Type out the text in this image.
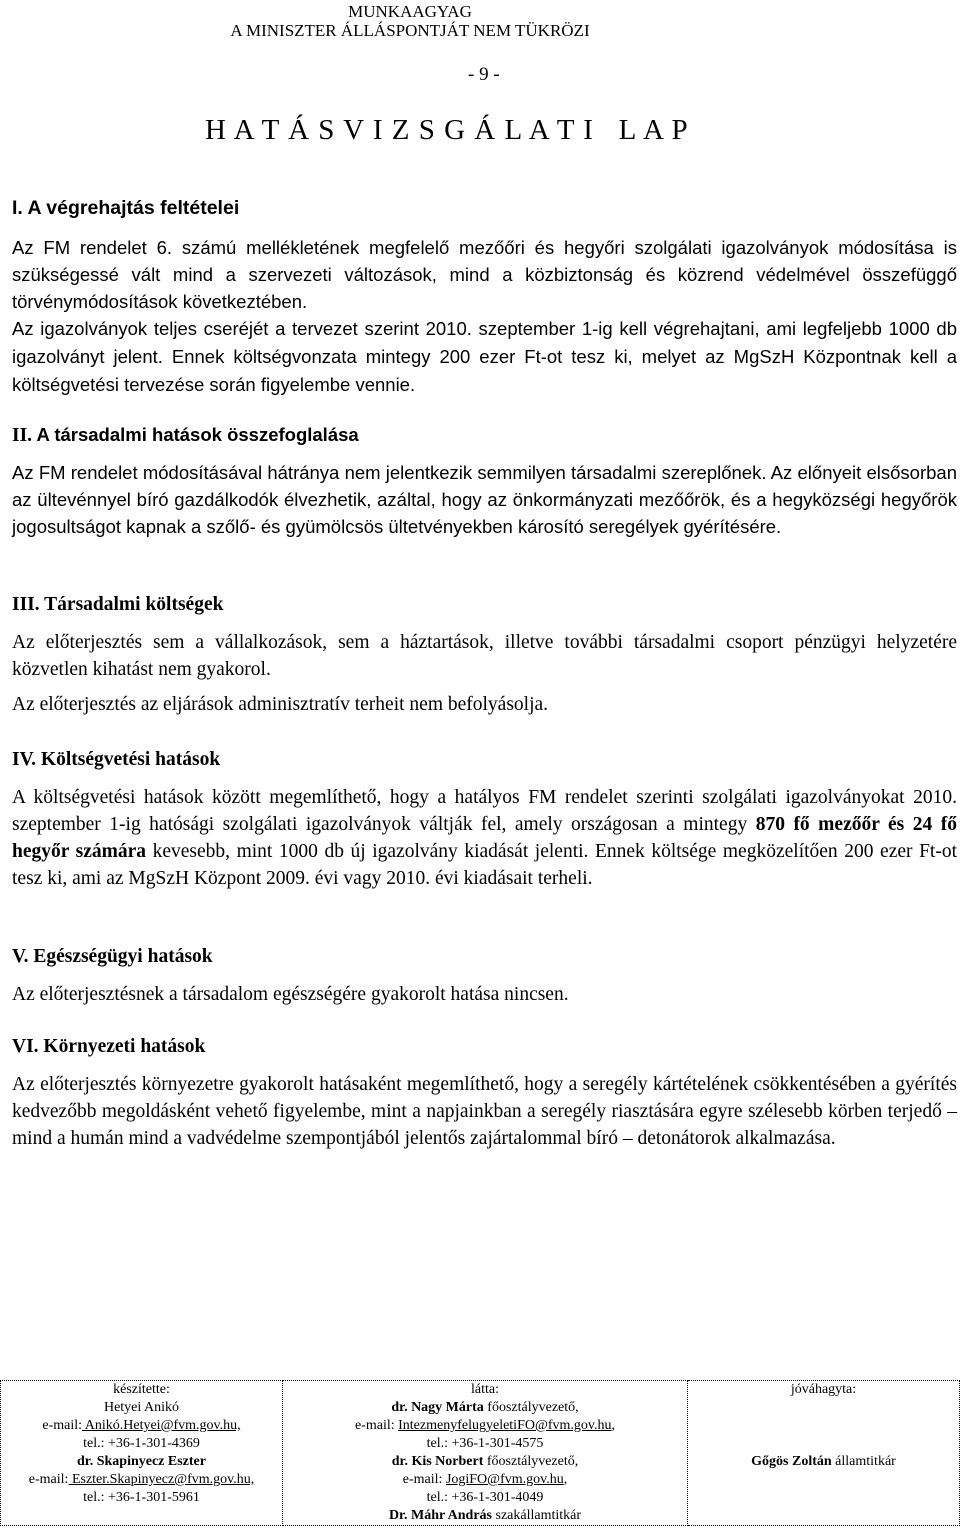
MUNKAAGYAG
A MINISZTER ÁLLÁSPONTJÁT NEM TÜKRÖZI
- 9 -
H A T Á S V I Z S G Á L A T I   L A P
I. A végrehajtás feltételei

Az FM rendelet 6. számú mellékletének megfelelő mezőőri és hegyőri szolgálati igazolványok módosítása is szükségessé vált mind a szervezeti változások, mind a közbiztonság és közrend védelmével összefüggő törvénymódosítások következtében.

Az igazolványok teljes cseréjét a tervezet szerint 2010. szeptember 1-ig kell végrehajtani, ami legfeljebb 1000 db igazolványt jelent. Ennek költségvonzata mintegy 200 ezer Ft-ot tesz ki, melyet az MgSzH Központnak kell a költségvetési tervezése során figyelembe vennie.

II. A társadalmi hatások összefoglalása

Az FM rendelet módosításával hátránya nem jelentkezik semmilyen társadalmi szereplőnek. Az előnyeit elsősorban az ültevénnyel bíró gazdálkodók élvezhetik, azáltal, hogy az önkormányzati mezőőrök, és a hegyközségi hegyőrök jogosultságot kapnak a szőlő- és gyümölcsös ültetvényekben károsító seregélyek gyérítésére.

III. Társadalmi költségek

Az előterjesztés sem a vállalkozások, sem a háztartások, illetve további társadalmi csoport pénzügyi helyzetére közvetlen kihatást nem gyakorol.

Az előterjesztés az eljárások adminisztratív terheit nem befolyásolja.

IV. Költségvetési hatások

A költségvetési hatások között megemlíthető, hogy a hatályos FM rendelet szerinti szolgálati igazolványokat 2010. szeptember 1-ig hatósági szolgálati igazolványok váltják fel, amely országosan a mintegy 870 fő mezőőr és 24 fő hegyőr számára kevesebb, mint 1000 db új igazolvány kiadását jelenti. Ennek költsége megközelítően 200 ezer Ft-ot tesz ki, ami az MgSzH Központ 2009. évi vagy 2010. évi kiadásait terheli.

V. Egészségügyi hatások

Az előterjesztésnek a társadalom egészségére gyakorolt hatása nincsen.

VI. Környezeti hatások

Az előterjesztés környezetre gyakorolt hatásaként megemlíthető, hogy a seregély kártételének csökkentésében a gyérítés kedvezőbb megoldásként vehető figyelembe, mint a napjainkban a seregély riasztására egyre szélesebb körben terjedő – mind a humán mind a vadvédelme szempontjából jelentős zajártalommal bíró – detonátorok alkalmazása.

készítette:
Hetyei Anikó
e-mail: Anikó.Hetyei@fvm.gov.hu,
tel.: +36-1-301-4369
dr. Skapinyecz Eszter
e-mail: Eszter.Skapinyecz@fvm.gov.hu,
tel.: +36-1-301-5961

látta:
dr. Nagy Márta főosztályvezető,
e-mail: IntezmenyfelugyeletiFO@fvm.gov.hu,
tel.: +36-1-301-4575
dr. Kis Norbert főosztályvezető,
e-mail: JogiFO@fvm.gov.hu,
tel.: +36-1-301-4049
Dr. Máhr András szakállamtitkár

jóváhagyta:
Gőgös Zoltán államtitkár
